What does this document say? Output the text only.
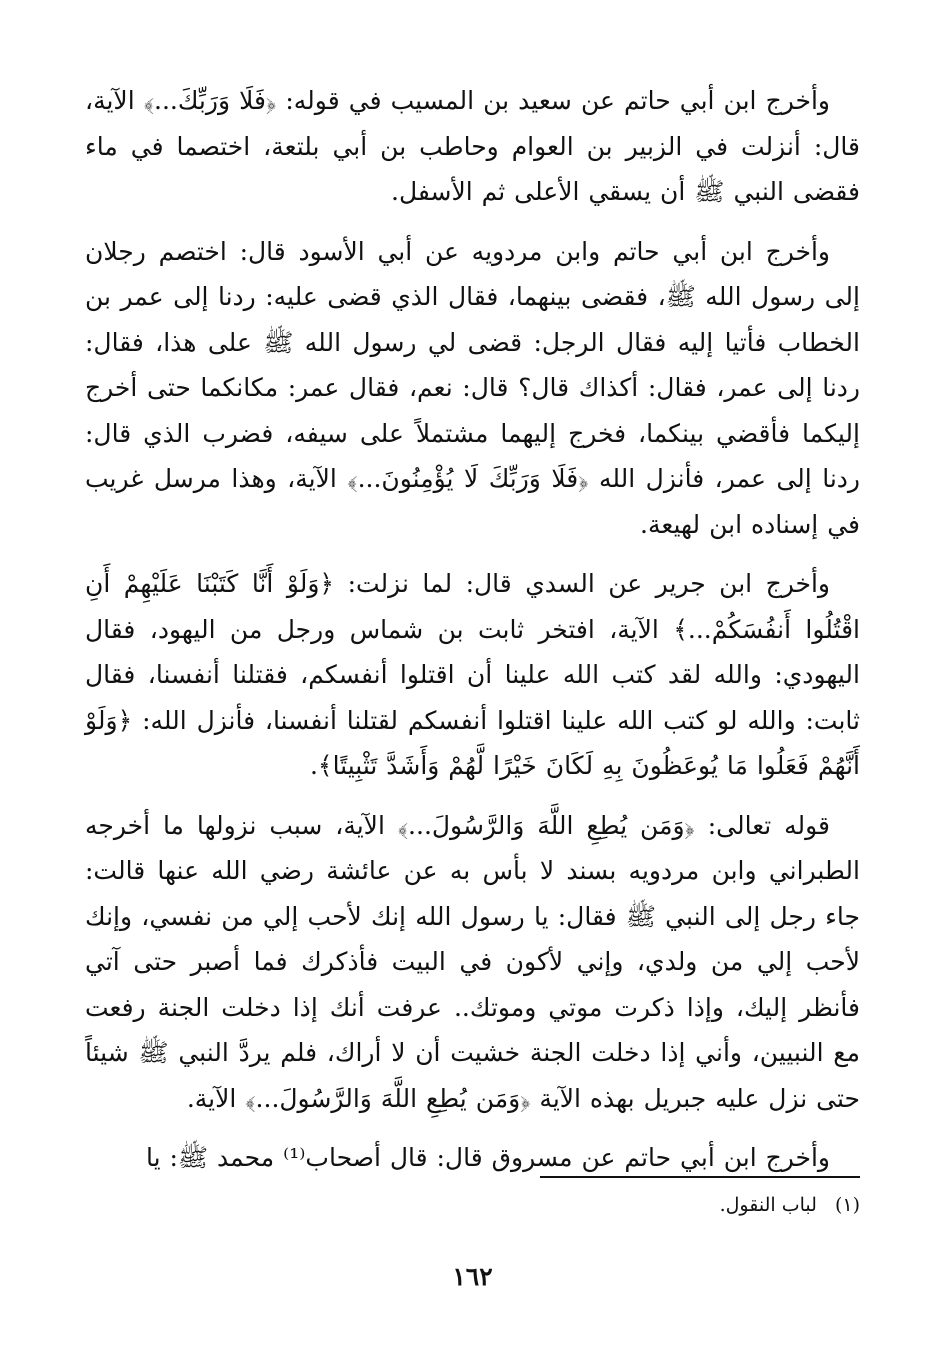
وأخرج ابن أبي حاتم عن سعيد بن المسيب في قوله: ﴿فَلَا وَرَبِّكَ...﴾ الآية، قال: أنزلت في الزبير بن العوام وحاطب بن أبي بلتعة، اختصما في ماء فقضى النبي ﷺ أن يسقي الأعلى ثم الأسفل.

وأخرج ابن أبي حاتم وابن مردويه عن أبي الأسود قال: اختصم رجلان إلى رسول الله ﷺ، فقضى بينهما، فقال الذي قضى عليه: ردنا إلى عمر بن الخطاب فأتيا إليه فقال الرجل: قضى لي رسول الله ﷺ على هذا، فقال: ردنا إلى عمر، فقال: أكذاك قال؟ قال: نعم، فقال عمر: مكانكما حتى أخرج إليكما فأقضي بينكما، فخرج إليهما مشتملاً على سيفه، فضرب الذي قال: ردنا إلى عمر، فأنزل الله ﴿فَلَا وَرَبِّكَ لَا يُؤْمِنُونَ...﴾ الآية، وهذا مرسل غريب في إسناده ابن لهيعة.

وأخرج ابن جرير عن السدي قال: لما نزلت: ﴿وَلَوْ أَنَّا كَتَبْنَا عَلَيْهِمْ أَنِ اقْتُلُوا أَنفُسَكُمْ...﴾ الآية، افتخر ثابت بن شماس ورجل من اليهود، فقال اليهودي: والله لقد كتب الله علينا أن اقتلوا أنفسكم، فقتلنا أنفسنا، فقال ثابت: والله لو كتب الله علينا اقتلوا أنفسكم لقتلنا أنفسنا، فأنزل الله: ﴿وَلَوْ أَنَّهُمْ فَعَلُوا مَا يُوعَظُونَ بِهِ لَكَانَ خَيْرًا لَّهُمْ وَأَشَدَّ تَثْبِيتًا﴾.

قوله تعالى: ﴿وَمَن يُطِعِ اللَّهَ وَالرَّسُولَ...﴾ الآية، سبب نزولها ما أخرجه الطبراني وابن مردويه بسند لا بأس به عن عائشة رضي الله عنها قالت: جاء رجل إلى النبي ﷺ فقال: يا رسول الله إنك لأحب إلي من نفسي، وإنك لأحب إلي من ولدي، وإني لأكون في البيت فأذكرك فما أصبر حتى آتي فأنظر إليك، وإذا ذكرت موتي وموتك.. عرفت أنك إذا دخلت الجنة رفعت مع النبيين، وأني إذا دخلت الجنة خشيت أن لا أراك، فلم يردَّ النبي ﷺ شيئاً حتى نزل عليه جبريل بهذه الآية ﴿وَمَن يُطِعِ اللَّهَ وَالرَّسُولَ...﴾ الآية.

وأخرج ابن أبي حاتم عن مسروق قال: قال أصحاب⁽¹⁾ محمد ﷺ: يا

(١) لباب النقول.
١٦٢
